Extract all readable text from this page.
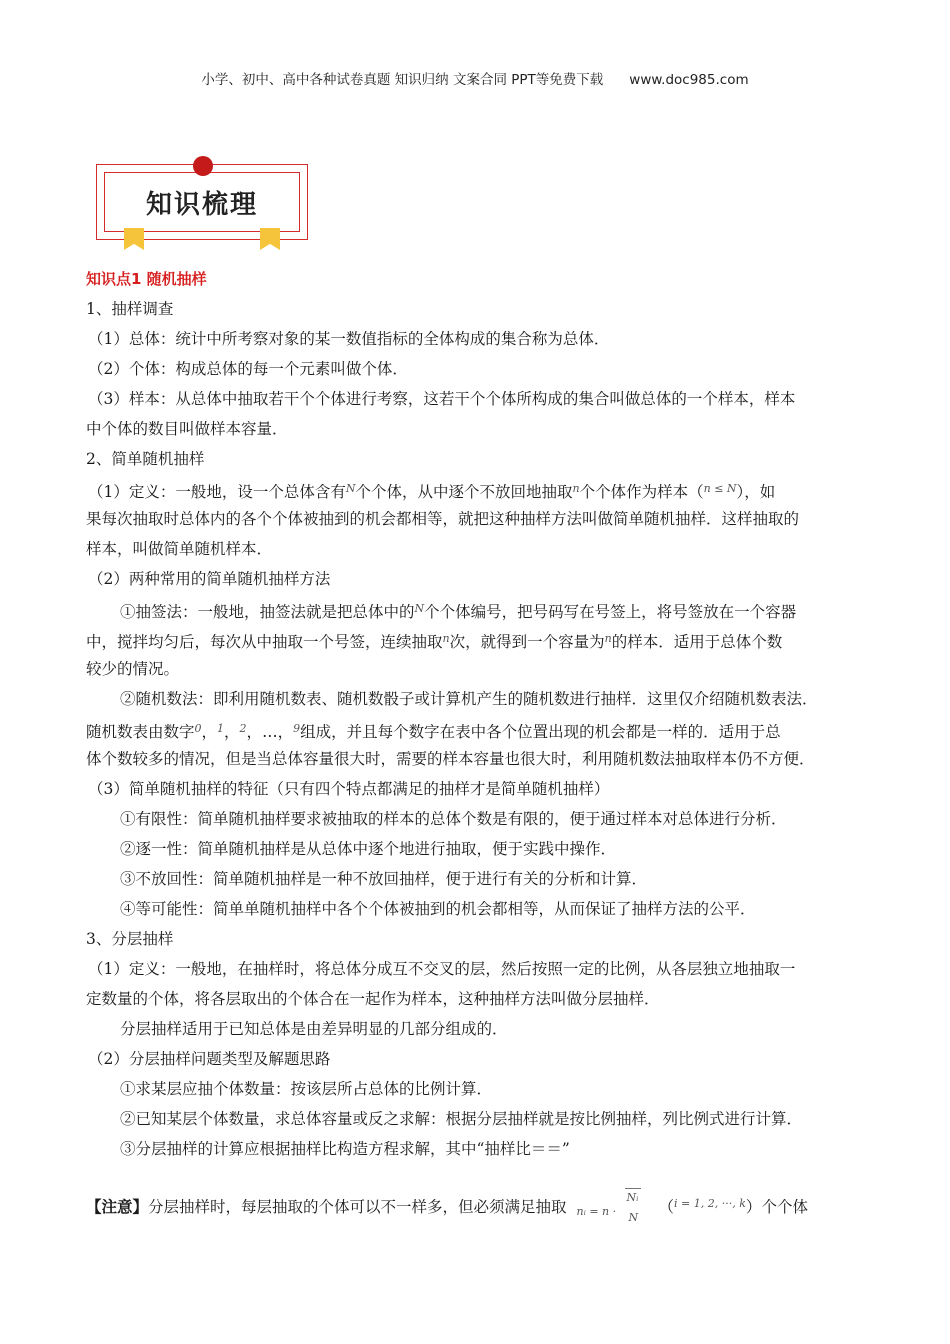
小学、初中、高中各种试卷真题 知识归纳 文案合同 PPT等免费下载 www.doc985.com
知识梳理
知识点1 随机抽样
1、抽样调查
（1）总体：统计中所考察对象的某一数值指标的全体构成的集合称为总体．
（2）个体：构成总体的每一个元素叫做个体．
（3）样本：从总体中抽取若干个个体进行考察，这若干个个体所构成的集合叫做总体的一个样本，样本
中个体的数目叫做样本容量．
2、简单随机抽样
（1）定义：一般地，设一个总体含有$^N$个个体，从中逐个不放回地抽取$^n$个个体作为样本（$^{n \le N}$），如
果每次抽取时总体内的各个个体被抽到的机会都相等，就把这种抽样方法叫做简单随机抽样．这样抽取的
样本，叫做简单随机样本．
（2）两种常用的简单随机抽样方法
①抽签法：一般地，抽签法就是把总体中的$^N$个个体编号，把号码写在号签上，将号签放在一个容器
中，搅拌均匀后，每次从中抽取一个号签，连续抽取$^n$次，就得到一个容量为$^n$的样本．适用于总体个数
较少的情况。
②随机数法：即利用随机数表、随机数骰子或计算机产生的随机数进行抽样．这里仅介绍随机数表法．
随机数表由数字$^0$，$^1$，$^2$，…，$^9$组成，并且每个数字在表中各个位置出现的机会都是一样的．适用于总
体个数较多的情况，但是当总体容量很大时，需要的样本容量也很大时，利用随机数法抽取样本仍不方便．
（3）简单随机抽样的特征（只有四个特点都满足的抽样才是简单随机抽样）
①有限性：简单随机抽样要求被抽取的样本的总体个数是有限的，便于通过样本对总体进行分析．
②逐一性：简单随机抽样是从总体中逐个地进行抽取，便于实践中操作．
③不放回性：简单随机抽样是一种不放回抽样，便于进行有关的分析和计算．
④等可能性：简单单随机抽样中各个个体被抽到的机会都相等，从而保证了抽样方法的公平．
3、分层抽样
（1）定义：一般地，在抽样时，将总体分成互不交叉的层，然后按照一定的比例，从各层独立地抽取一
定数量的个体，将各层取出的个体合在一起作为样本，这种抽样方法叫做分层抽样．
分层抽样适用于已知总体是由差异明显的几部分组成的．
（2）分层抽样问题类型及解题思路
①求某层应抽个体数量：按该层所占总体的比例计算．
②已知某层个体数量，求总体容量或反之求解：根据分层抽样就是按比例抽样，列比例式进行计算．
③分层抽样的计算应根据抽样比构造方程求解，其中“抽样比＝＝”
【注意】分层抽样时，每层抽取的个体可以不一样多，但必须满足抽取 nᵢ = n ·
Nᵢ
N
（$^{i = 1, 2, \cdot\cdot\cdot, k}$）个个体
